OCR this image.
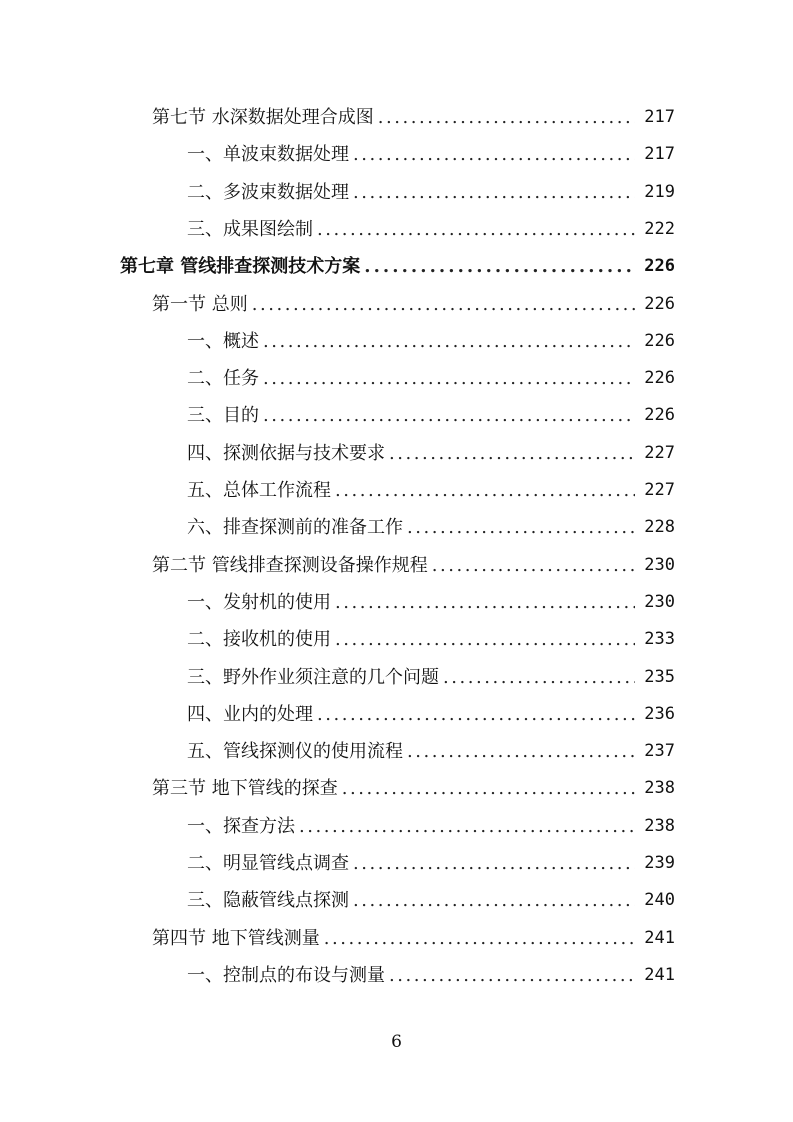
第七节 水深数据处理合成图 . . .	217
一、单波束数据处理 . . .	217
二、多波束数据处理 . . .	219
三、成果图绘制 . . .	222
第七章 管线排查探测技术方案 . . .	226
第一节 总则 . . .	226
一、概述 . . .	226
二、任务 . . .	226
三、目的 . . .	226
四、探测依据与技术要求 . . .	227
五、总体工作流程 . . .	227
六、排查探测前的准备工作 . . .	228
第二节 管线排查探测设备操作规程 . . .	230
一、发射机的使用 . . .	230
二、接收机的使用 . . .	233
三、野外作业须注意的几个问题 . . .	235
四、业内的处理 . . .	236
五、管线探测仪的使用流程 . . .	237
第三节 地下管线的探查 . . .	238
一、探查方法 . . .	238
二、明显管线点调查 . . .	239
三、隐蔽管线点探测 . . .	240
第四节 地下管线测量 . . .	241
一、控制点的布设与测量 . . .	241
6
